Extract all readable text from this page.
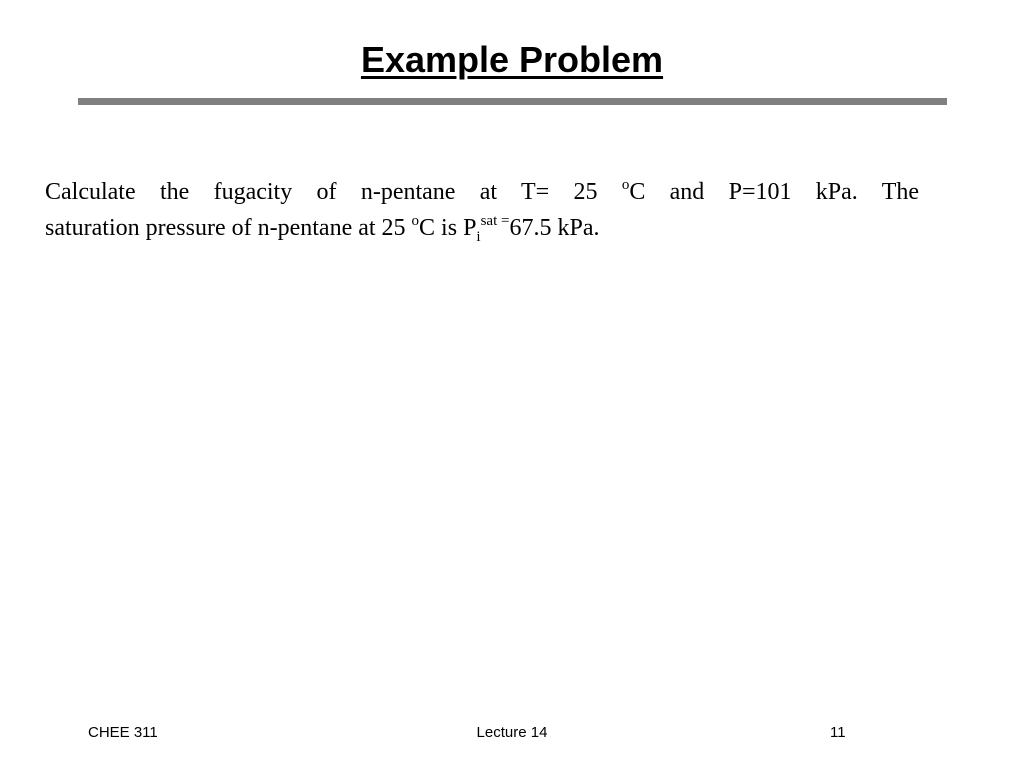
Example Problem
Calculate the fugacity of n-pentane at T= 25 $^o$C and P=101 kPa. The
saturation pressure of n-pentane at 25 $^o$C is $P_i^{sat =}67.5$ kPa.
CHEE 311	Lecture 14	11
